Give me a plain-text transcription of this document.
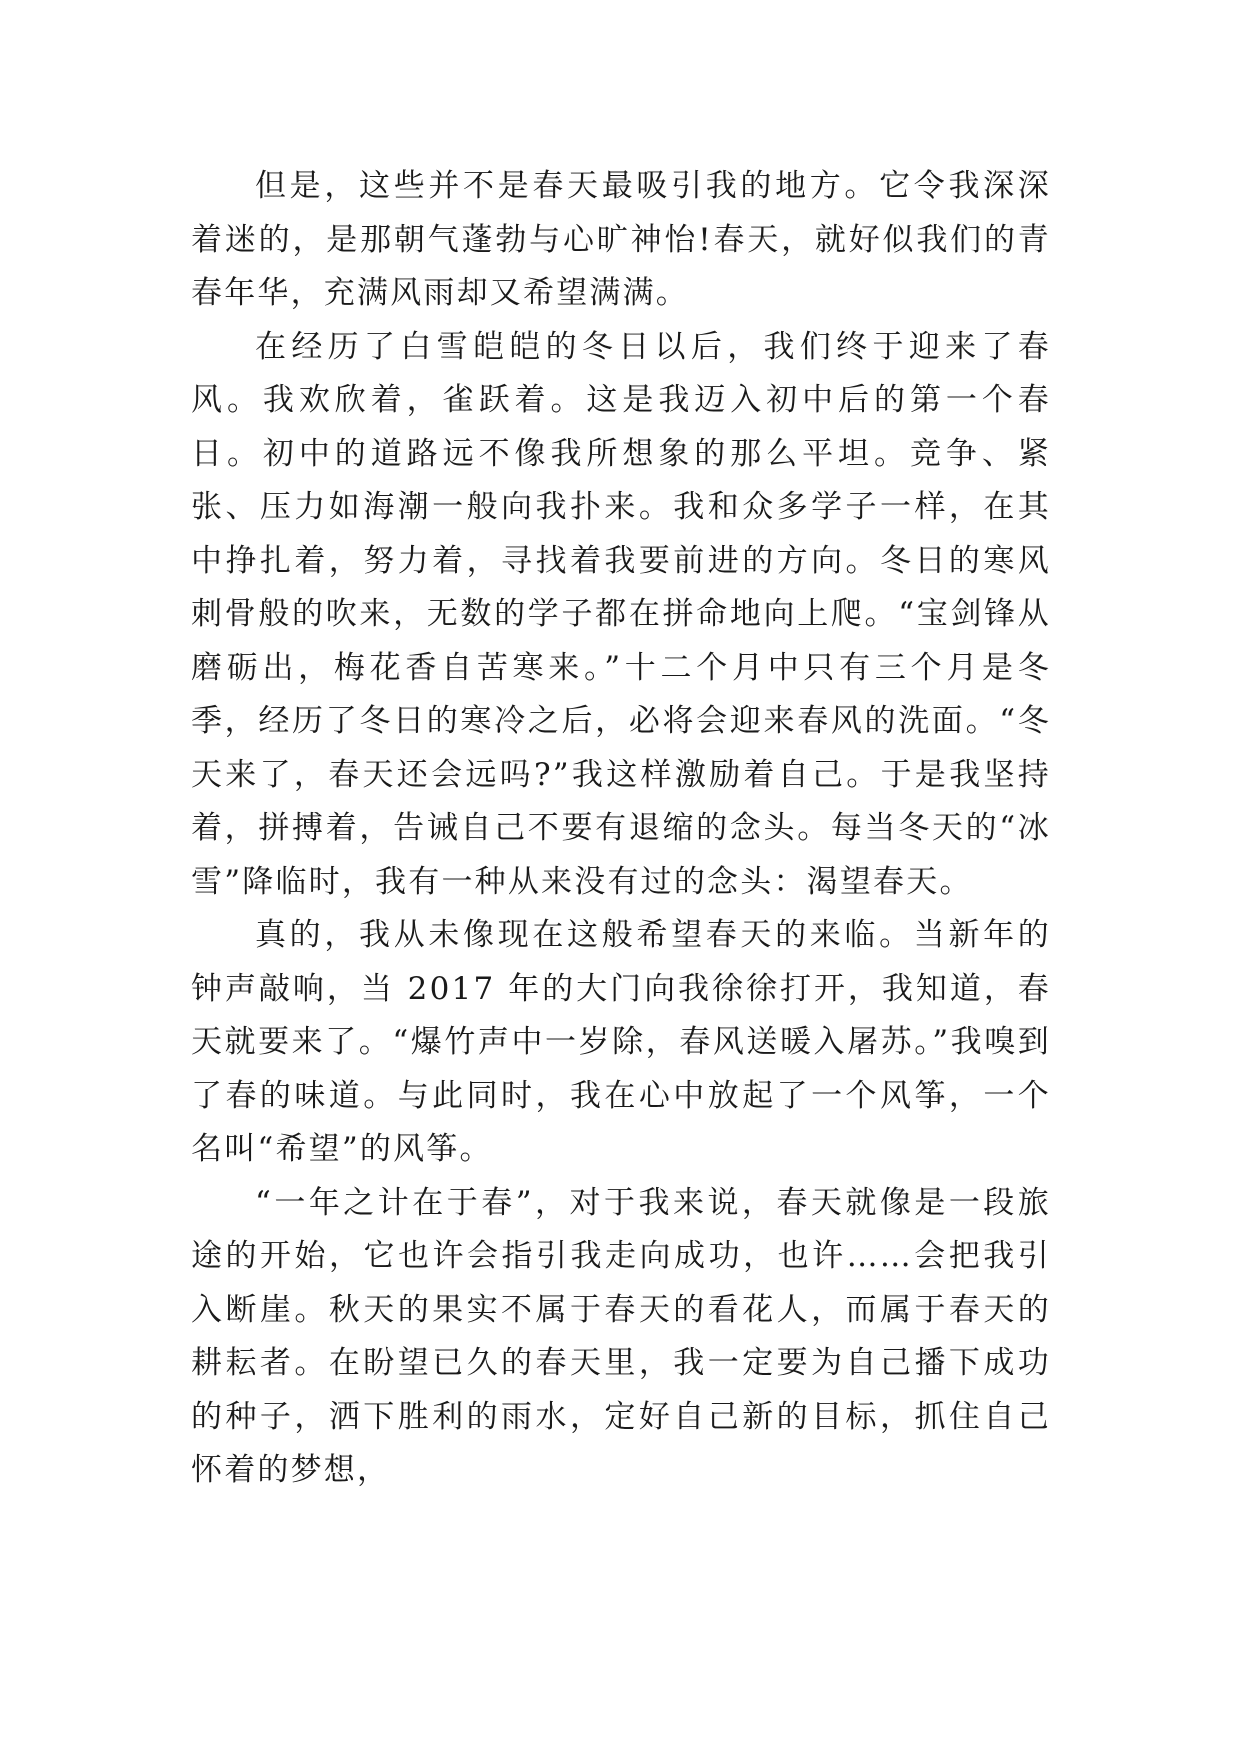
但是，这些并不是春天最吸引我的地方。它令我深深着迷的，是那朝气蓬勃与心旷神怡!春天，就好似我们的青春年华，充满风雨却又希望满满。

在经历了白雪皑皑的冬日以后，我们终于迎来了春风。我欢欣着，雀跃着。这是我迈入初中后的第一个春日。初中的道路远不像我所想象的那么平坦。竞争、紧张、压力如海潮一般向我扑来。我和众多学子一样，在其中挣扎着，努力着，寻找着我要前进的方向。冬日的寒风刺骨般的吹来，无数的学子都在拼命地向上爬。“宝剑锋从磨砺出，梅花香自苦寒来。”十二个月中只有三个月是冬季，经历了冬日的寒冷之后，必将会迎来春风的洗面。“冬天来了，春天还会远吗?”我这样激励着自己。于是我坚持着，拼搏着，告诫自己不要有退缩的念头。每当冬天的“冰雪”降临时，我有一种从来没有过的念头：渴望春天。

真的，我从未像现在这般希望春天的来临。当新年的钟声敲响，当 2017 年的大门向我徐徐打开，我知道，春天就要来了。“爆竹声中一岁除，春风送暖入屠苏。”我嗅到了春的味道。与此同时，我在心中放起了一个风筝，一个名叫“希望”的风筝。

“一年之计在于春”，对于我来说，春天就像是一段旅途的开始，它也许会指引我走向成功，也许……会把我引入断崖。秋天的果实不属于春天的看花人，而属于春天的耕耘者。在盼望已久的春天里，我一定要为自己播下成功的种子，洒下胜利的雨水，定好自己新的目标，抓住自己怀着的梦想，
